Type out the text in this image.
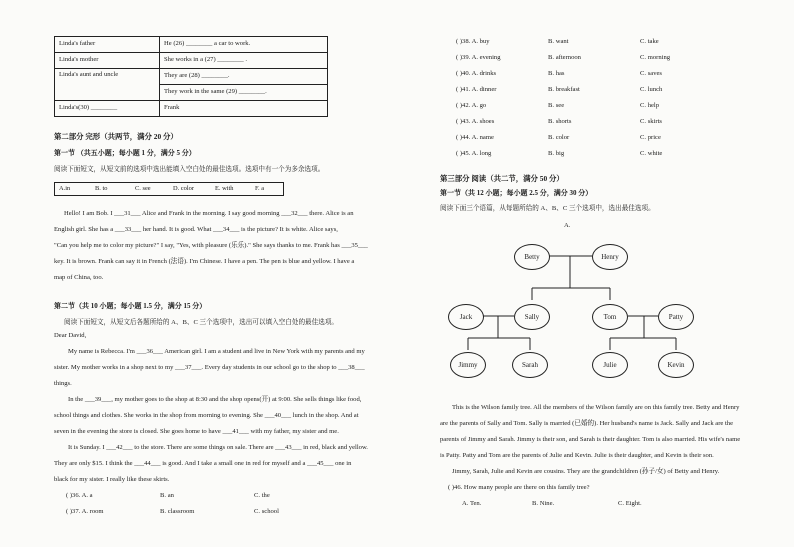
Linda's father	He (26) ________ a car to work.
Linda's mother	She works in a (27) ________ .
Linda's aunt and uncle	They are (28) ________.
	They work in the same (29) ________.
Linda's(30) ________	Frank
第二部分 完形（共两节，满分 20 分）
第一节 （共五小题；每小题 1 分，满分 5 分）
阅读下面短文，从短文前的选项中选出能填入空白处的最佳选项。选项中有一个为多余选项。
A.in	B. to	C. see	D. color	E. with	F. a
Hello! I am Bob. I ___31___ Alice and Frank in the morning. I say good morning ___32___ there. Alice is an
English girl. She has a ___33___ her hand. It is good. What ___34___ is the picture? It is white. Alice says,
"Can you help me to color my picture?" I say, "Yes, with pleasure (乐乐)." She says thanks to me. Frank has ___35___
key. It is brown. Frank can say it in French (法语). I'm Chinese. I have a pen. The pen is blue and yellow. I have a
map of China, too.
第二节（共 10 小题；每小题 1.5 分，满分 15 分）
阅读下面短文，从短文后各题所给的 A、B、C 三个选项中，选出可以填入空白处的最佳选项。
Dear David,
My name is Rebecca. I'm ___36___ American girl. I am a student and live in New York with my parents and my
sister. My mother works in a shop next to my ___37___. Every day students in our school go to the shop to ___38___
things.
In the ___39___, my mother goes to the shop at 8:30 and the shop opens(开) at 9:00. She sells things like food,
school things and clothes. She works in the shop from morning to evening. She ___40___ lunch in the shop. And at
seven in the evening the store is closed. She goes home to have ___41___ with my father, my sister and me.
It is Sunday. I ___42___ to the store. There are some things on sale. There are ___43___ in red, black and yellow.
They are only $15. I think the ___44___ is good. And I take a small one in red for myself and a ___45___ one in
black for my sister. I really like these skirts.
( )36. A. a	B. an	C. the
( )37. A. room	B. classroom	C. school
( )38. A. buy	B. want	C. take
( )39. A. evening	B. afternoon	C. morning
( )40. A. drinks	B. has	C. saves
( )41. A. dinner	B. breakfast	C. lunch
( )42. A. go	B. see	C. help
( )43. A. shoes	B. shorts	C. skirts
( )44. A. name	B. color	C. price
( )45. A. long	B. big	C. white
第三部分 阅读（共二节，满分 50 分）
第一节（共 12 小题；每小题 2.5 分，满分 30 分）
阅读下面三个语篇，从每题所给的 A、B、C 三个选项中，选出最佳选项。
A.
Betty	Henry
Jack	Sally	Tom	Patty
Jimmy	Sarah	Julie	Kevin
This is the Wilson family tree. All the members of the Wilson family are on this family tree. Betty and Henry
are the parents of Sally and Tom. Sally is married (已婚的). Her husband's name is Jack. Sally and Jack are the
parents of Jimmy and Sarah. Jimmy is their son, and Sarah is their daughter. Tom is also married. His wife's name
is Patty. Patty and Tom are the parents of Julie and Kevin. Julie is their daughter, and Kevin is their son.
Jimmy, Sarah, Julie and Kevin are cousins. They are the grandchildren (孙子/女) of Betty and Henry.
( )46. How many people are there on this family tree?
A. Ten.	B. Nine.	C. Eight.
